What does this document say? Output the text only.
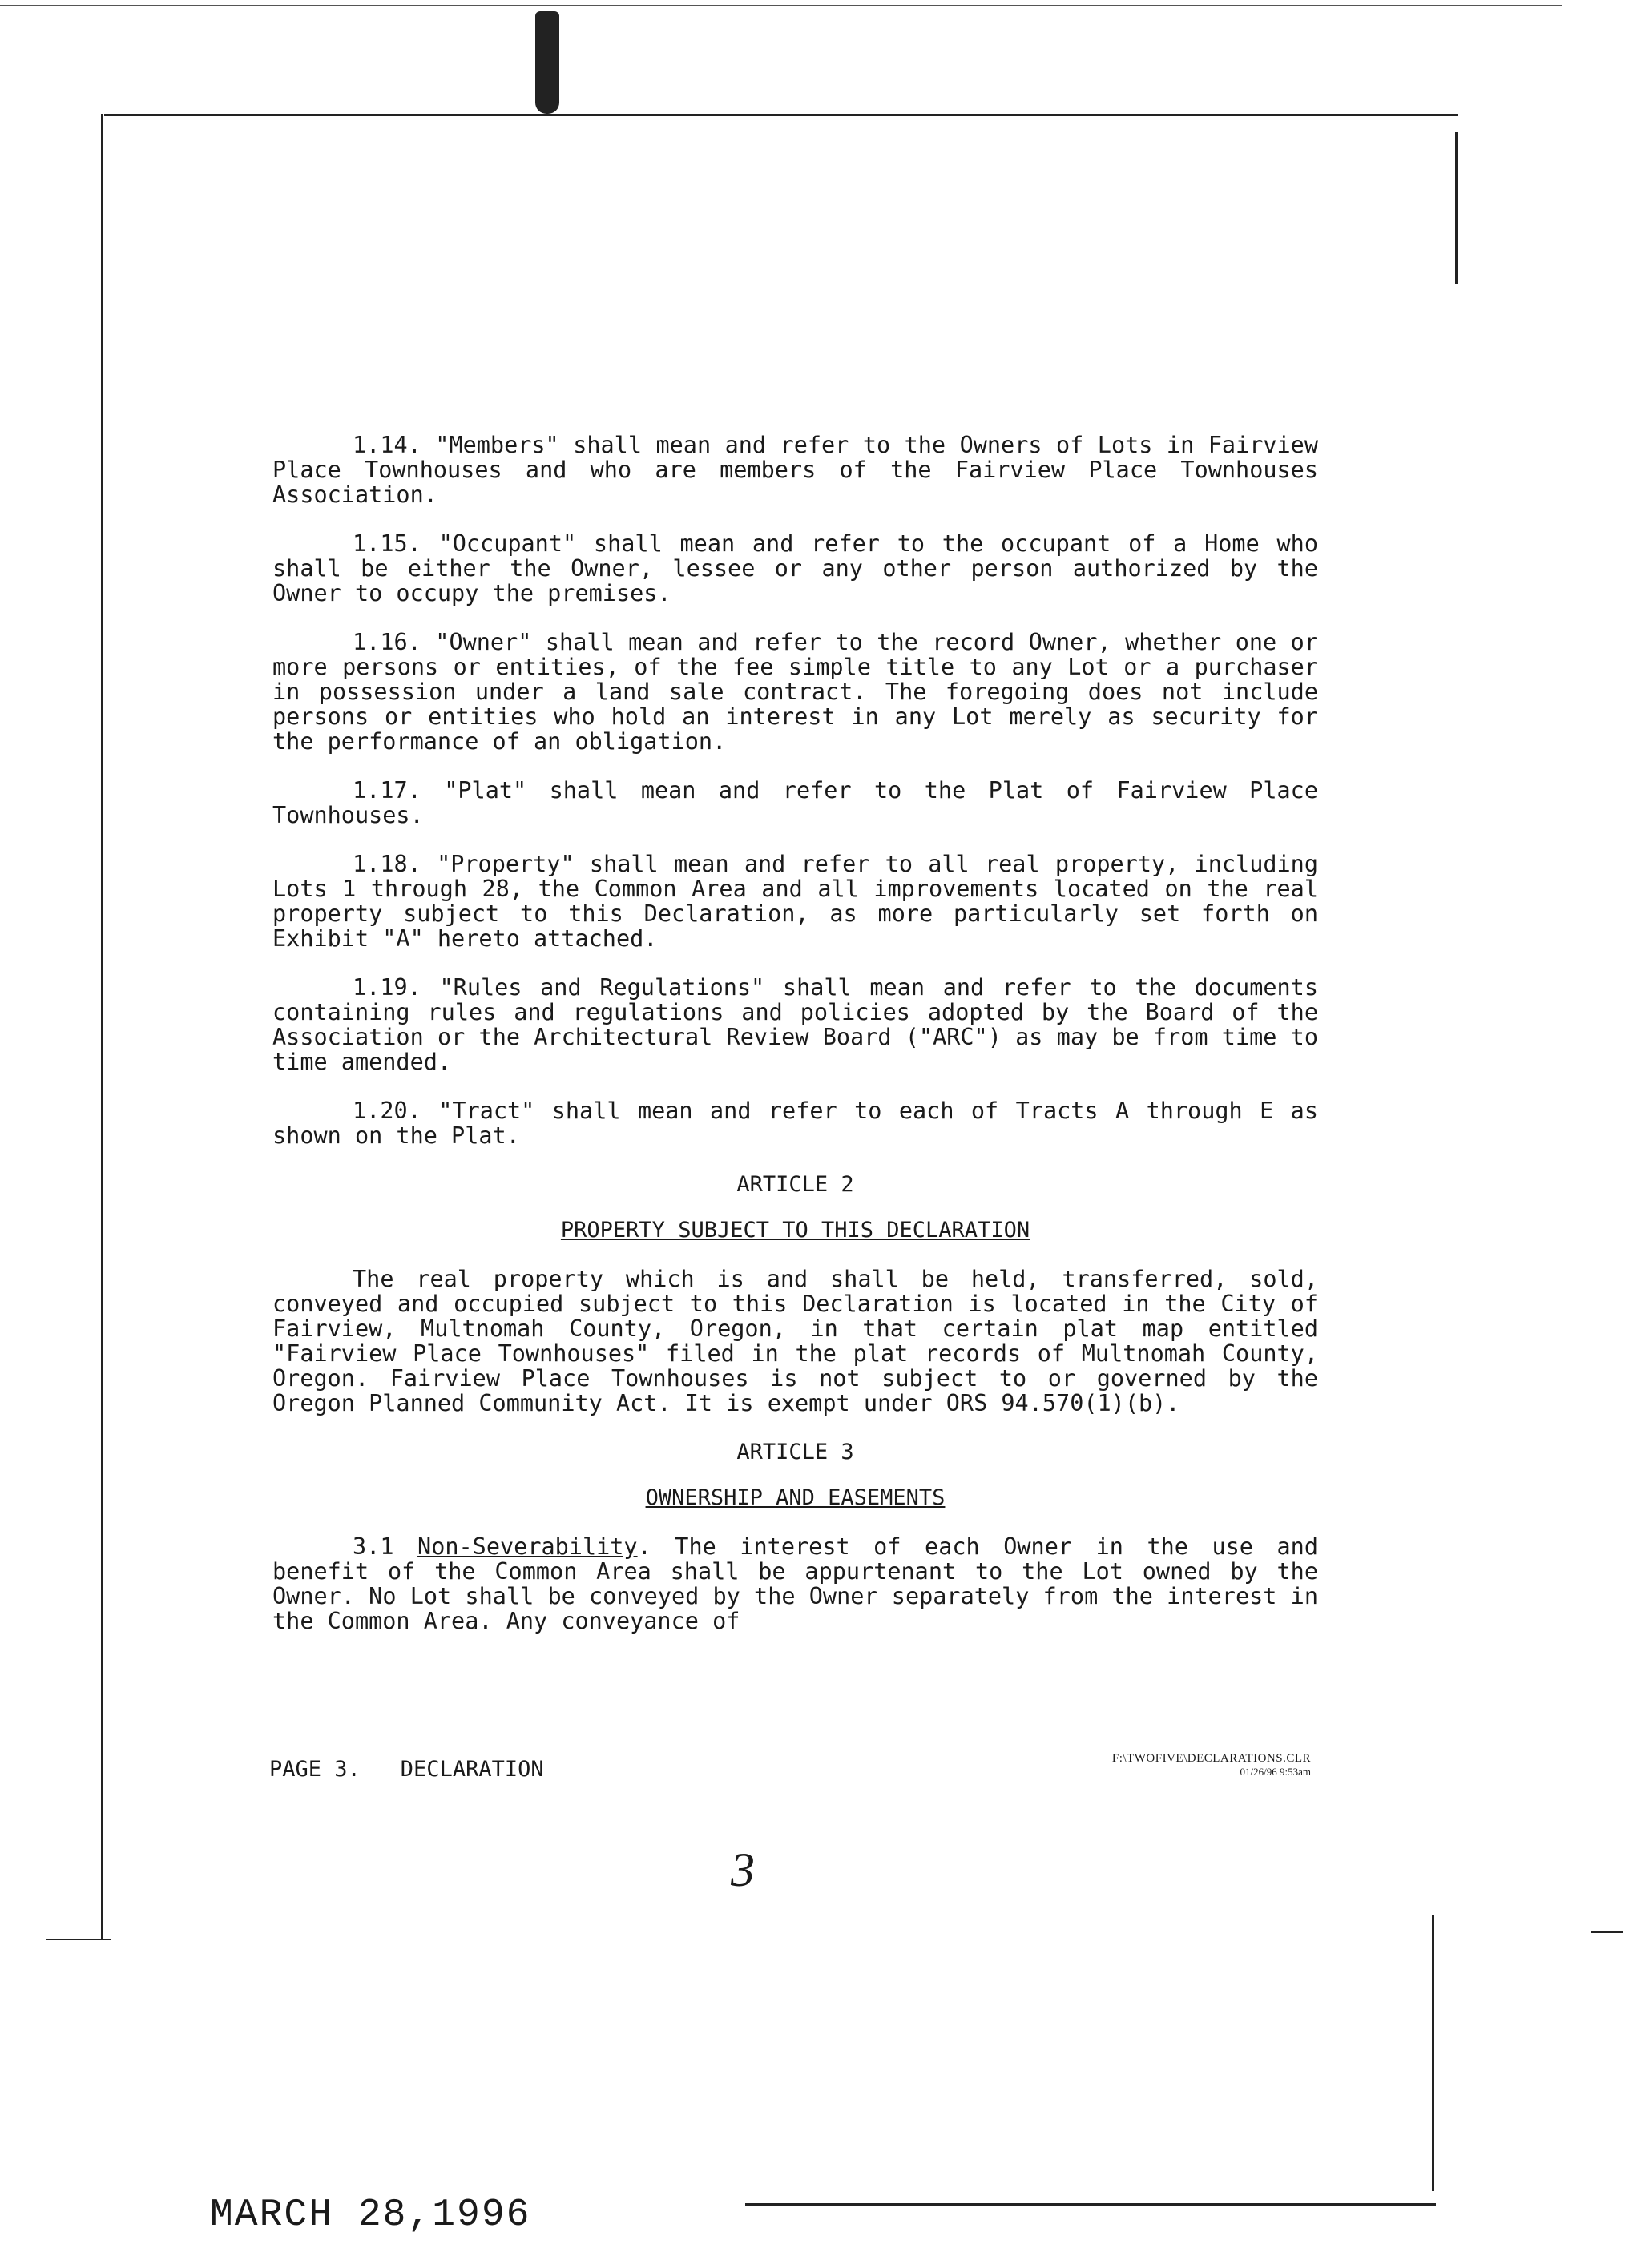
1.14. "Members" shall mean and refer to the Owners of Lots in Fairview Place Townhouses and who are members of the Fairview Place Townhouses Association.

1.15. "Occupant" shall mean and refer to the occupant of a Home who shall be either the Owner, lessee or any other person authorized by the Owner to occupy the premises.

1.16. "Owner" shall mean and refer to the record Owner, whether one or more persons or entities, of the fee simple title to any Lot or a purchaser in possession under a land sale contract. The foregoing does not include persons or entities who hold an interest in any Lot merely as security for the performance of an obligation.

1.17. "Plat" shall mean and refer to the Plat of Fairview Place Townhouses.

1.18. "Property" shall mean and refer to all real property, including Lots 1 through 28, the Common Area and all improvements located on the real property subject to this Declaration, as more particularly set forth on Exhibit "A" hereto attached.

1.19. "Rules and Regulations" shall mean and refer to the documents containing rules and regulations and policies adopted by the Board of the Association or the Architectural Review Board ("ARC") as may be from time to time amended.

1.20. "Tract" shall mean and refer to each of Tracts A through E as shown on the Plat.

ARTICLE 2
PROPERTY SUBJECT TO THIS DECLARATION

The real property which is and shall be held, transferred, sold, conveyed and occupied subject to this Declaration is located in the City of Fairview, Multnomah County, Oregon, in that certain plat map entitled "Fairview Place Townhouses" filed in the plat records of Multnomah County, Oregon. Fairview Place Townhouses is not subject to or governed by the Oregon Planned Community Act. It is exempt under ORS 94.570(1)(b).

ARTICLE 3
OWNERSHIP AND EASEMENTS

3.1 Non-Severability. The interest of each Owner in the use and benefit of the Common Area shall be appurtenant to the Lot owned by the Owner. No Lot shall be conveyed by the Owner separately from the interest in the Common Area. Any conveyance of

PAGE 3. DECLARATION	F:\TWOFIVE\DECLARATIONS.CLR
01/26/96 9:53am
3
MARCH 28,1996
